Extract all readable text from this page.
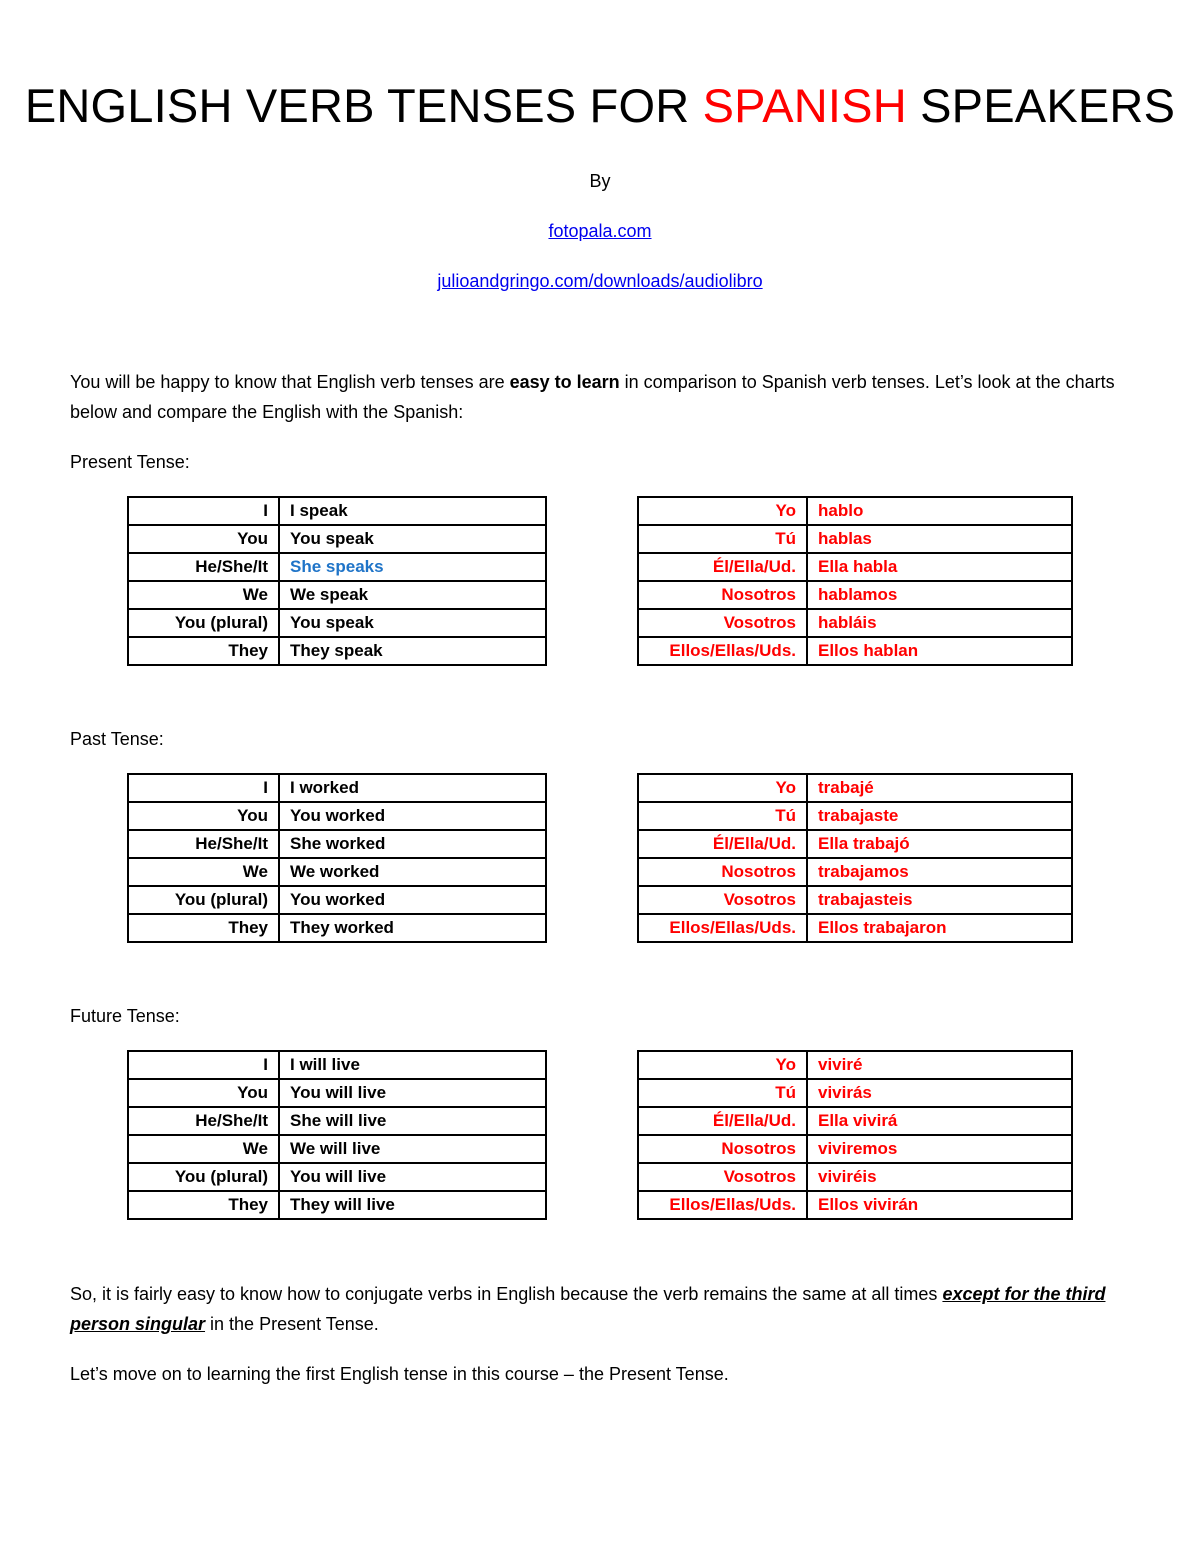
ENGLISH VERB TENSES FOR SPANISH SPEAKERS
By
fotopala.com
julioandgringo.com/downloads/audiolibro

You will be happy to know that English verb tenses are easy to learn in comparison to Spanish verb tenses. Let’s look at the charts below and compare the English with the Spanish:

Present Tense:
I	I speak
You	You speak
He/She/It	She speaks
We	We speak
You (plural)	You speak
They	They speak
Yo	hablo
Tú	hablas
Él/Ella/Ud.	Ella habla
Nosotros	hablamos
Vosotros	habláis
Ellos/Ellas/Uds.	Ellos hablan
Past Tense:
I	I worked
You	You worked
He/She/It	She worked
We	We worked
You (plural)	You worked
They	They worked
Yo	trabajé
Tú	trabajaste
Él/Ella/Ud.	Ella trabajó
Nosotros	trabajamos
Vosotros	trabajasteis
Ellos/Ellas/Uds.	Ellos trabajaron
Future Tense:
I	I will live
You	You will live
He/She/It	She will live
We	We will live
You (plural)	You will live
They	They will live
Yo	viviré
Tú	vivirás
Él/Ella/Ud.	Ella vivirá
Nosotros	viviremos
Vosotros	viviréis
Ellos/Ellas/Uds.	Ellos vivirán

So, it is fairly easy to know how to conjugate verbs in English because the verb remains the same at all times except for the third person singular in the Present Tense.

Let’s move on to learning the first English tense in this course – the Present Tense.
